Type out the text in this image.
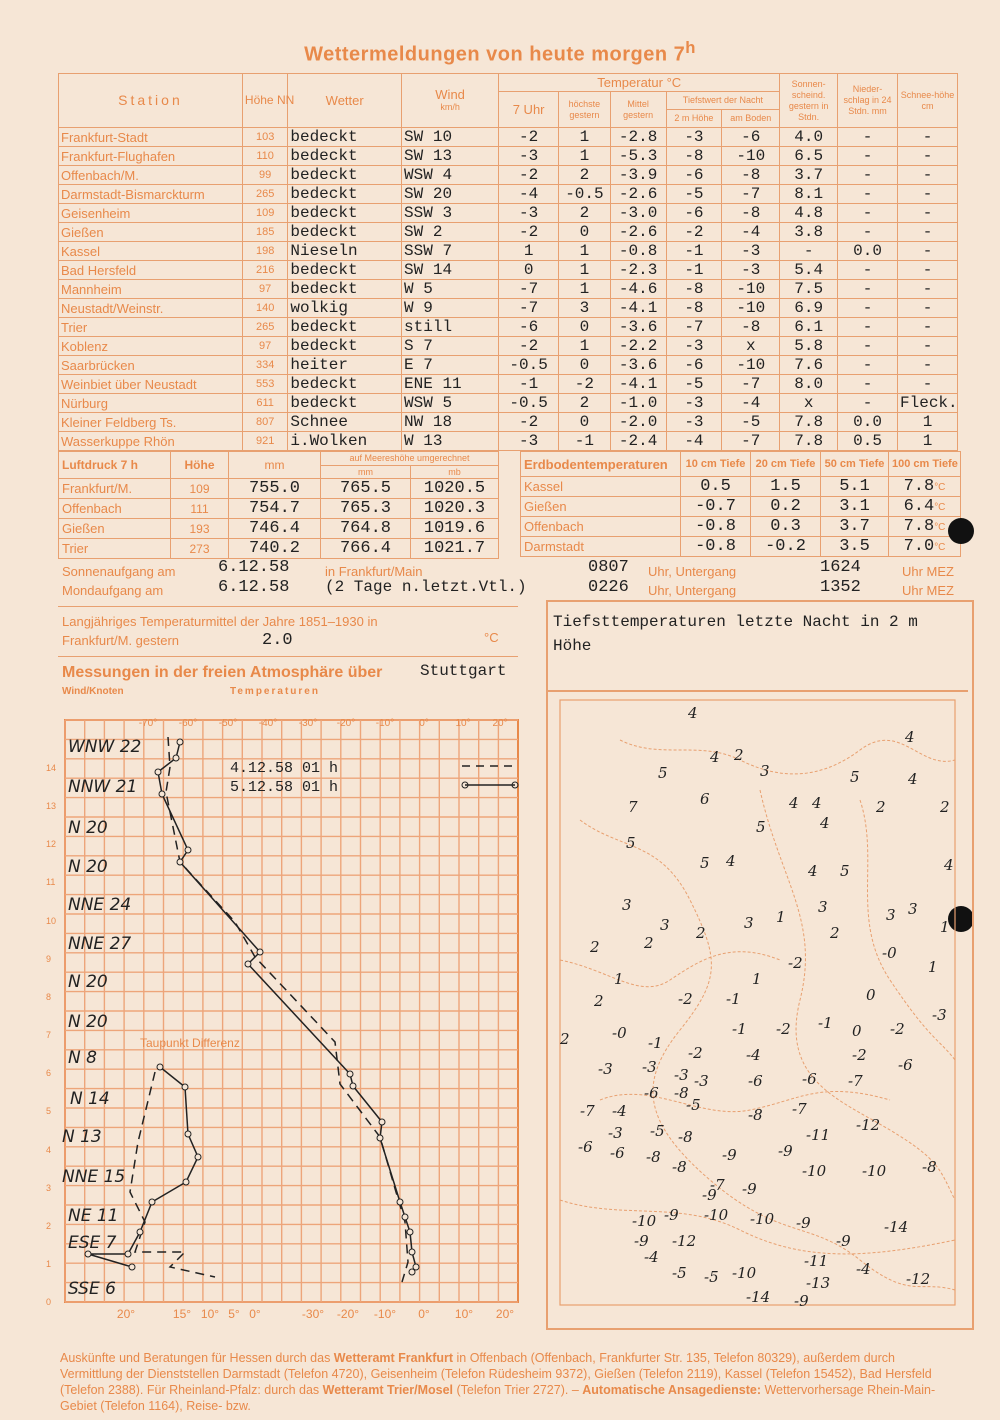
Wettermeldungen von heute morgen 7$^h$
Station	Höhe NN	Wetter	Wind
km/h	Temperatur °C					Sonnen-scheind. gestern in Stdn.	Nieder-schlag in 24 Stdn. mm	Schnee-höhe cm
				7 Uhr	höchste gestern	Mittel gestern	Tiefstwert der Nacht				
							2 m Höhe	am Boden			
Frankfurt-Stadt	103	bedeckt	SW 10	-2	1	-2.8	-3	-6	4.0	-	-
Frankfurt-Flughafen	110	bedeckt	SW 13	-3	1	-5.3	-8	-10	6.5	-	-
Offenbach/M.	99	bedeckt	WSW 4	-2	2	-3.9	-6	-8	3.7	-	-
Darmstadt-Bismarckturm	265	bedeckt	SW 20	-4	-0.5	-2.6	-5	-7	8.1	-	-
Geisenheim	109	bedeckt	SSW 3	-3	2	-3.0	-6	-8	4.8	-	-
Gießen	185	bedeckt	SW 2	-2	0	-2.6	-2	-4	3.8	-	-
Kassel	198	Nieseln	SSW 7	1	1	-0.8	-1	-3	-	0.0	-
Bad Hersfeld	216	bedeckt	SW 14	0	1	-2.3	-1	-3	5.4	-	-
Mannheim	97	bedeckt	W 5	-7	1	-4.6	-8	-10	7.5	-	-
Neustadt/Weinstr.	140	wolkig	W 9	-7	3	-4.1	-8	-10	6.9	-	-
Trier	265	bedeckt	still	-6	0	-3.6	-7	-8	6.1	-	-
Koblenz	97	bedeckt	S 7	-2	1	-2.2	-3	x	5.8	-	-
Saarbrücken	334	heiter	E 7	-0.5	0	-3.6	-6	-10	7.6	-	-
Weinbiet über Neustadt	553	bedeckt	ENE 11	-1	-2	-4.1	-5	-7	8.0	-	-
Nürburg	611	bedeckt	WSW 5	-0.5	2	-1.0	-3	-4	x	-	Fleck.
Kleiner Feldberg Ts.	807	Schnee	NW 18	-2	0	-2.0	-3	-5	7.8	0.0	1
Wasserkuppe Rhön	921	i.Wolken	W 13	-3	-1	-2.4	-4	-7	7.8	0.5	1
Luftdruck 7 h	Höhe	mm	auf Meereshöhe umgerechnet	
			mm	mb
Frankfurt/M.	109	755.0	765.5	1020.5
Offenbach	111	754.7	765.3	1020.3
Gießen	193	746.4	764.8	1019.6
Trier	273	740.2	766.4	1021.7
Erdbodentemperaturen	10 cm Tiefe	20 cm Tiefe	50 cm Tiefe	100 cm Tiefe
Kassel	0.5	1.5	5.1	7.8°C
Gießen	-0.7	0.2	3.1	6.4°C
Offenbach	-0.8	0.3	3.7	7.8°C
Darmstadt	-0.8	-0.2	3.5	7.0°C
Sonnenaufgang am	6.12.58	in Frankfurt/Main	0807 Uhr, Untergang	1624	Uhr MEZ
Mondaufgang am	6.12.58 (2 Tage n.letzt.Vtl.)	0226 Uhr, Untergang	1352	Uhr MEZ
Langjähriges Temperaturmittel der Jahre 1851–1930 in
Frankfurt/M. gestern	2.0	°C
Messungen in der freien Atmosphäre über Stuttgart
Wind/Knoten	Temperaturen
-70° -60° -50° -40° -30° -20° -10° 0°	10° 20°
0
1
2
3
4
5
6
7
8
9
10
11
12
13
14
20°	15° 10° 5° 0°	-30° -20° -10° 0° 10° 20°
4.12.58 01 h
5.12.58 01 h
Taupunkt Differenz
WNW 22
NNW 21
N 20
N 20
NNE 24
NNE 27
N 20
N 20
N 8
N 14
N 13
NNE 15
NE 11
ESE 7
SSE 6
Tiefsttemperaturen letzte Nacht in 2 m Höhe
4
4
4 2
3
5	5	4
6	4 4	2	2
7
5	4
5
5 4
4 5	4
3
3 2
3 1
3	3 3
1
2	2
2
-2
-0
1
1	1
2	-2 -1	0
-3
2	-0
-1
-1 -2 -1 0 -2
-2	-4	-2
-6
-3 -3 -3 -3	-6	-6 -7
-6 -8
-5
-7 -4	-8 -7
-12
-3 -5 -8	-11
-6 -6 -8	-9	-9
-8	-10 -10 -8
-7 -9
-9
-10 -9 -10 -10 -9	-14
-9 -12	-9
-4	-11 -4
-5 -5 -10
-13	-12
-14 -9
Auskünfte und Beratungen für Hessen durch das Wetteramt Frankfurt in Offenbach (Offenbach, Frankfurter Str. 135, Telefon 80329), außerdem durch Vermittlung der Dienststellen Darmstadt (Telefon 4720), Geisenheim (Telefon Rüdesheim 9372), Gießen (Telefon 2119), Kassel (Telefon 15452), Bad Hersfeld (Telefon 2388). Für Rheinland-Pfalz: durch das Wetteramt Trier/Mosel (Telefon Trier 2727). – Automatische Ansagedienste: Wettervorhersage Rhein-Main-Gebiet (Telefon 1164), Reise- bzw.
